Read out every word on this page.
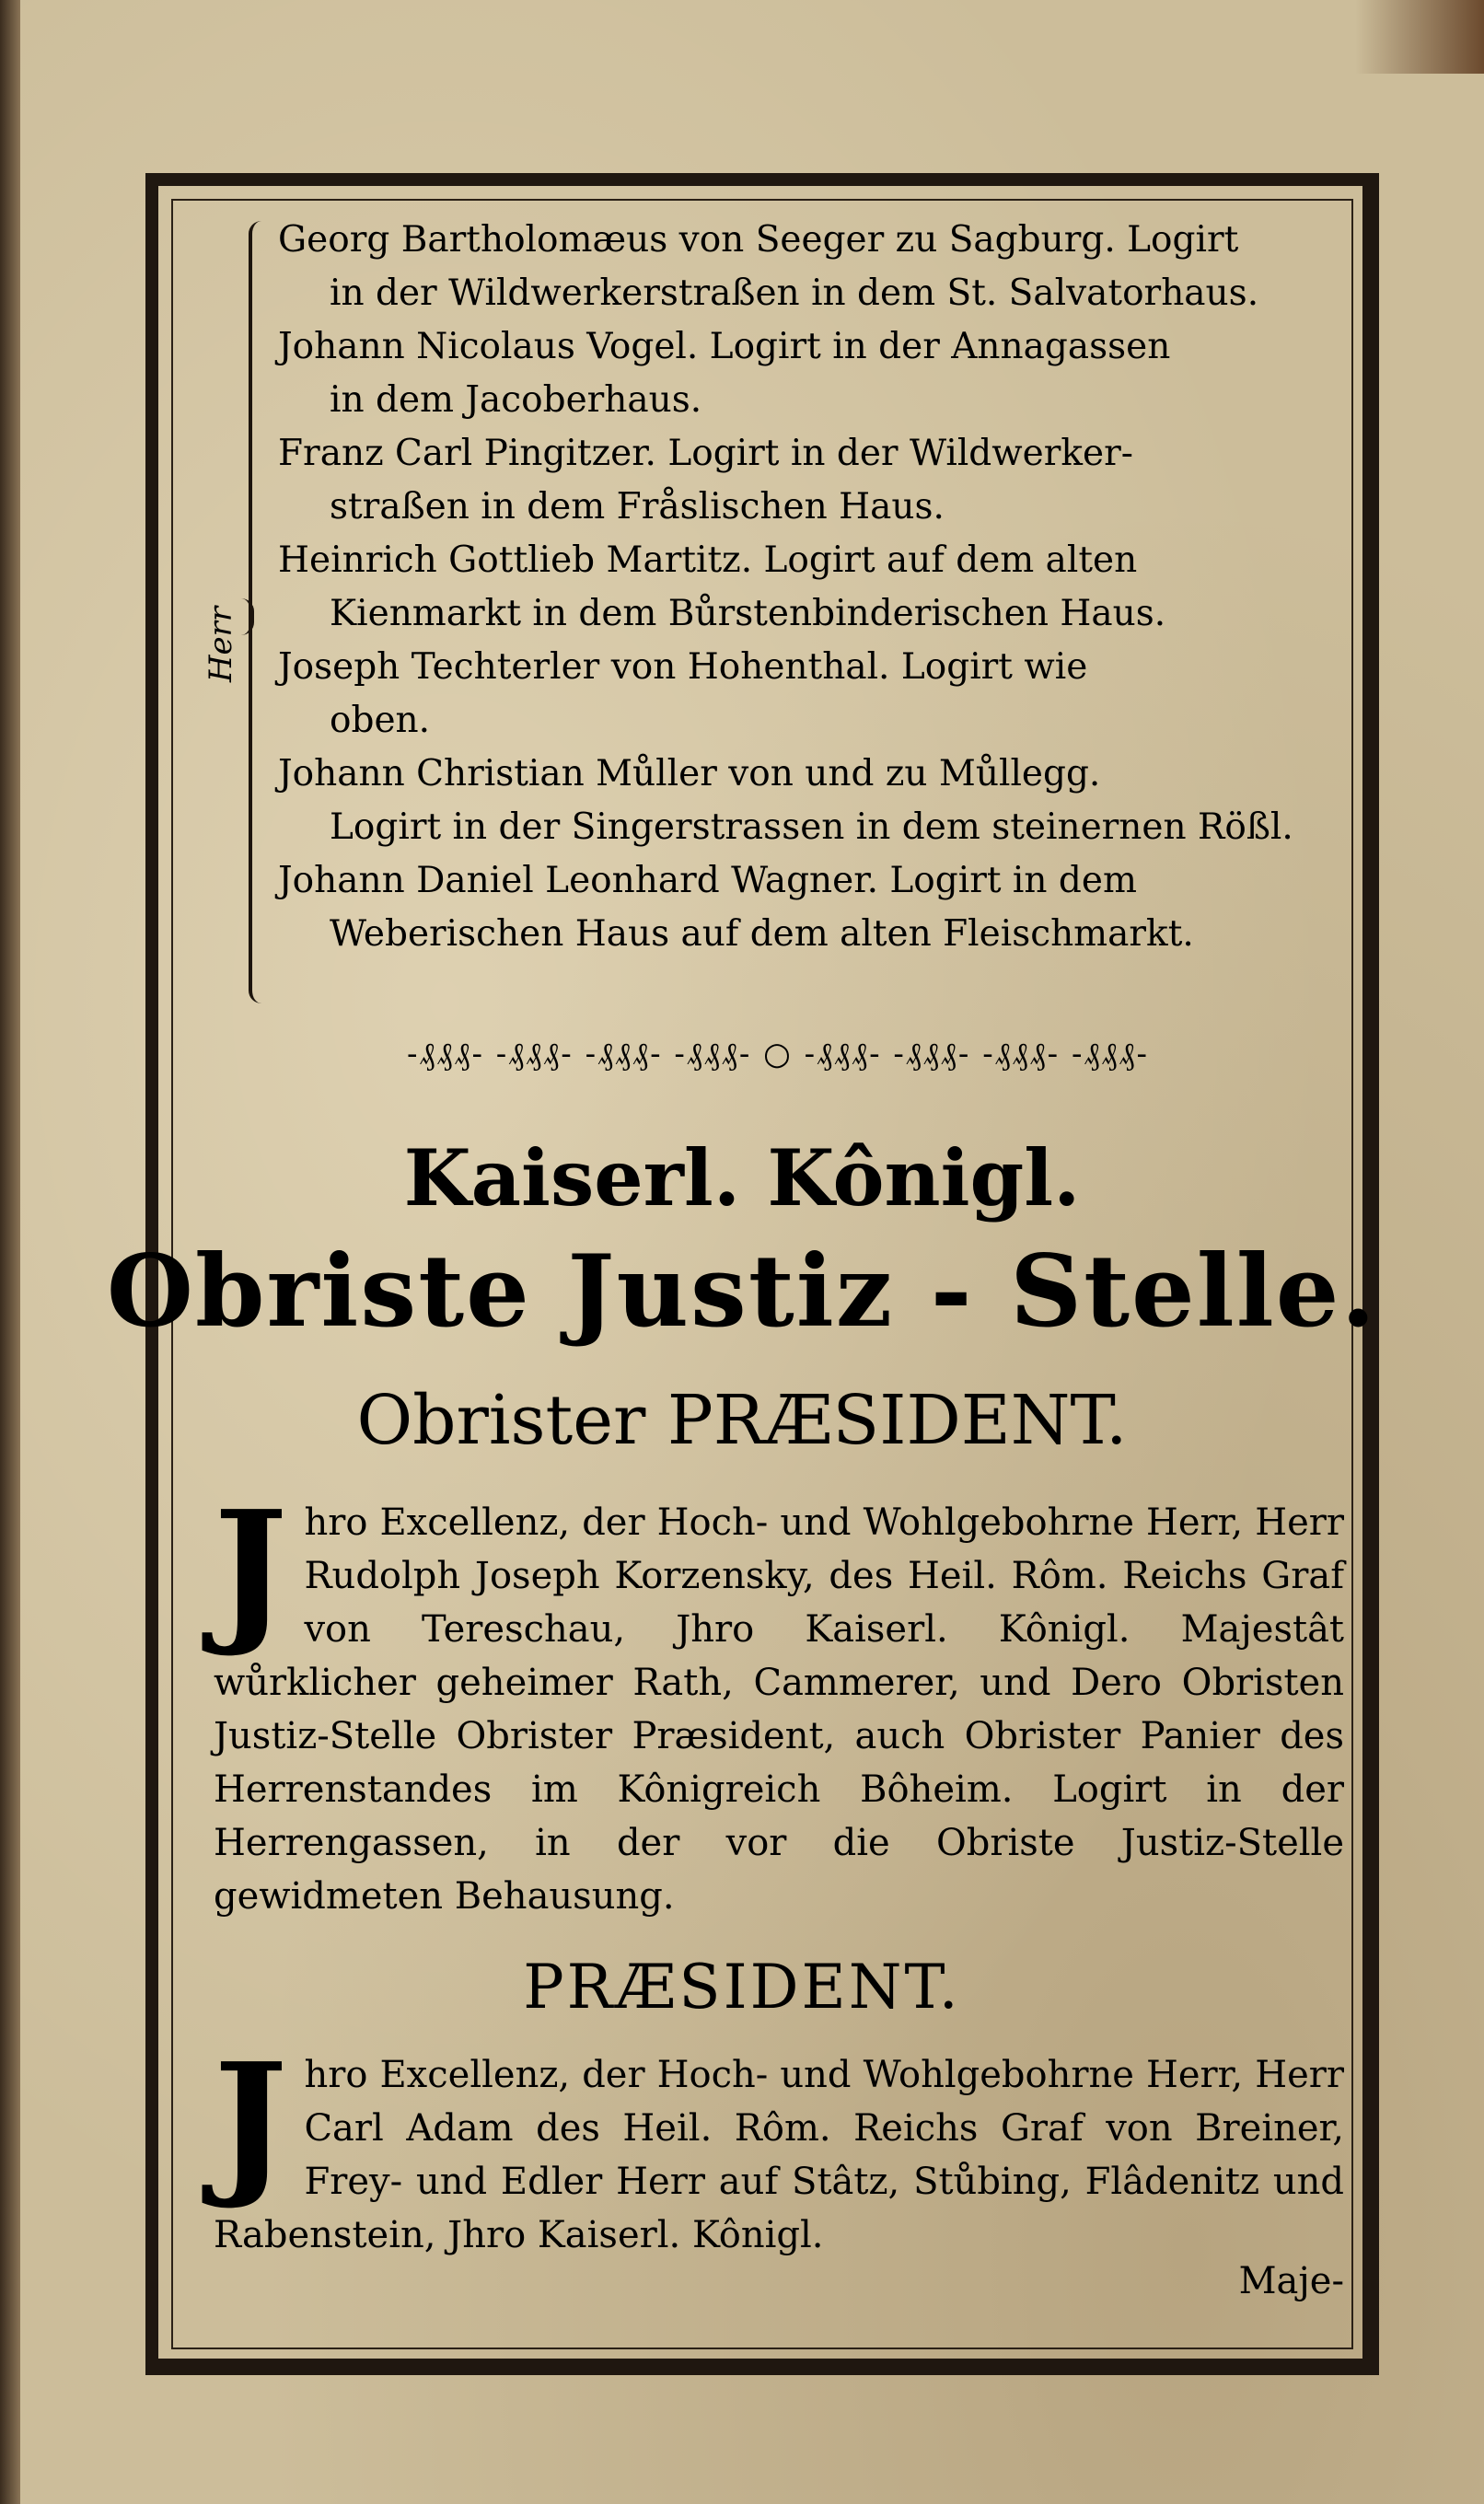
Herr

Georg Bartholomæus von Seeger zu Sagburg. Logirt
in der Wildwerkerstraßen in dem St. Salvatorhaus.

Johann Nicolaus Vogel. Logirt in der Annagassen
in dem Jacoberhaus.

Franz Carl Pingitzer. Logirt in der Wildwerker-
straßen in dem Fråslischen Haus.

Heinrich Gottlieb Martitz. Logirt auf dem alten
Kienmarkt in dem Bůrstenbinderischen Haus.

Joseph Techterler von Hohenthal. Logirt wie
oben.

Johann Christian Můller von und zu Můllegg.
Logirt in der Singerstrassen in dem steinernen Rößl.

Johann Daniel Leonhard Wagner. Logirt in dem
Weberischen Haus auf dem alten Fleischmarkt.

-₰₰₰- -₰₰₰- -₰₰₰- -₰₰₰- ○ -₰₰₰- -₰₰₰- -₰₰₰- -₰₰₰-
Kaiserl. Kônigl.
Obriste Justiz - Stelle.
Obrister PRÆSIDENT.
J hro Excellenz, der Hoch- und Wohlgebohrne Herr, Herr Rudolph Joseph Korzensky, des Heil. Rôm. Reichs Graf von Tereschau, Jhro Kaiserl. Kônigl. Majestât wůrklicher geheimer Rath, Cammerer, und Dero Obristen Justiz-Stelle Obrister Præsident, auch Obrister Panier des Herrenstandes im Kônigreich Bôheim. Logirt in der Herrengassen, in der vor die Obriste Justiz-Stelle gewidmeten Behausung.
PRÆSIDENT.
J hro Excellenz, der Hoch- und Wohlgebohrne Herr, Herr Carl Adam des Heil. Rôm. Reichs Graf von Breiner, Frey- und Edler Herr auf Stâtz, Stůbing, Flâdenitz und Rabenstein, Jhro Kaiserl. Kônigl.
Maje-
